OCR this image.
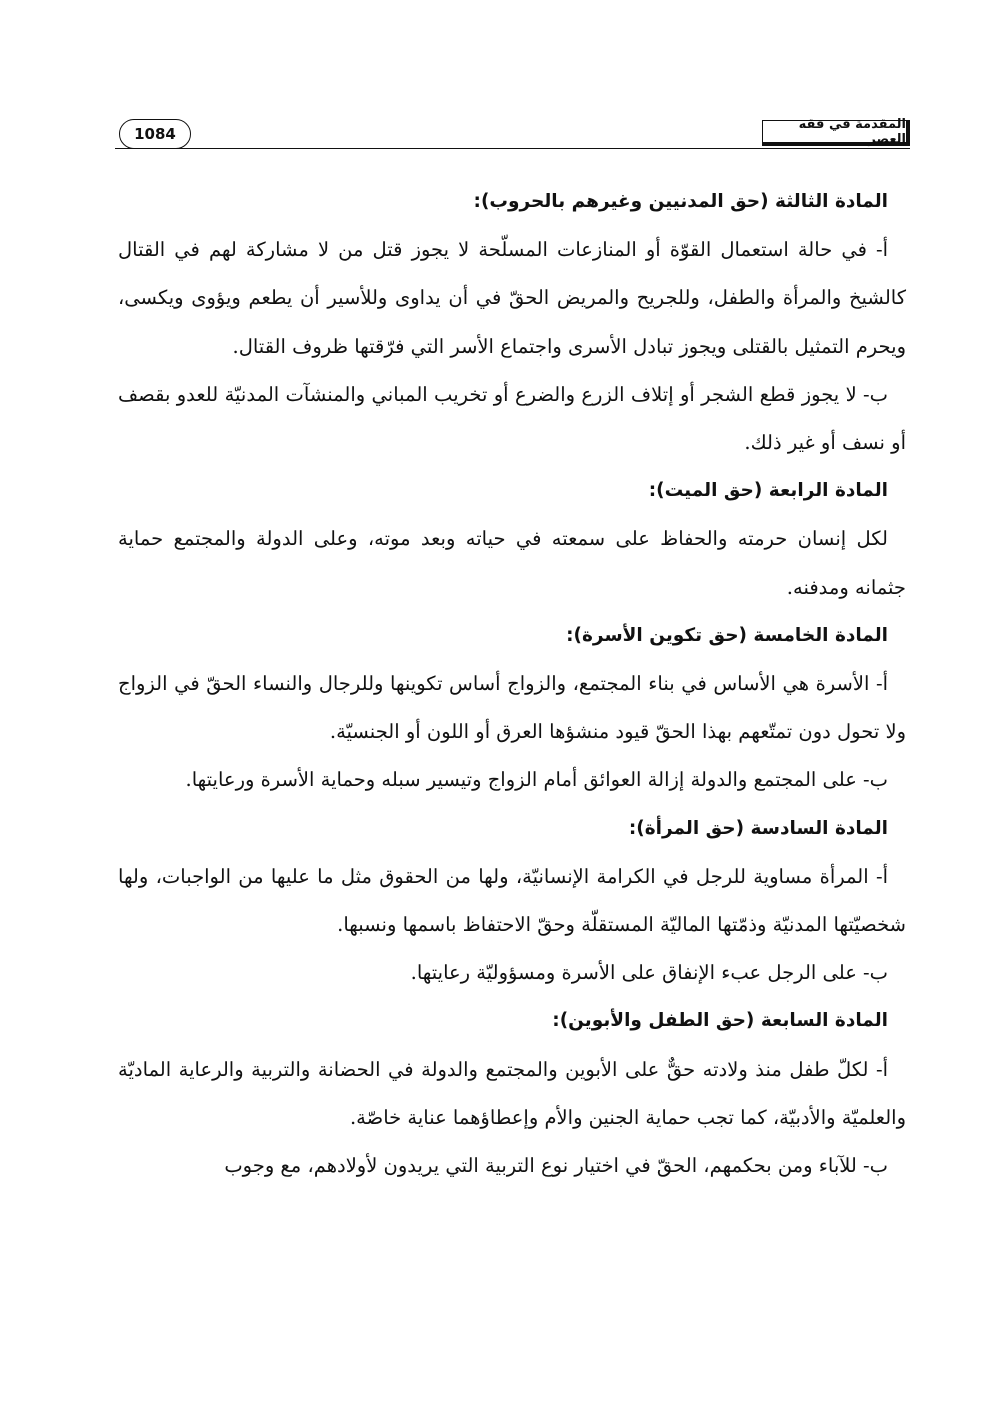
1084
المقدمة في فقه العصر
المادة الثالثة (حق المدنيين وغيرهم بالحروب):
أ- في حالة استعمال القوّة أو المنازعات المسلّحة لا يجوز قتل من لا مشاركة لهم في القتال كالشيخ والمرأة والطفل، وللجريح والمريض الحقّ في أن يداوى وللأسير أن يطعم ويؤوى ويكسى، ويحرم التمثيل بالقتلى ويجوز تبادل الأسرى واجتماع الأسر التي فرّقتها ظروف القتال.
ب- لا يجوز قطع الشجر أو إتلاف الزرع والضرع أو تخريب المباني والمنشآت المدنيّة للعدو بقصف أو نسف أو غير ذلك.
المادة الرابعة (حق الميت):
لكل إنسان حرمته والحفاظ على سمعته في حياته وبعد موته، وعلى الدولة والمجتمع حماية جثمانه ومدفنه.
المادة الخامسة (حق تكوين الأسرة):
أ- الأسرة هي الأساس في بناء المجتمع، والزواج أساس تكوينها وللرجال والنساء الحقّ في الزواج ولا تحول دون تمتّعهم بهذا الحقّ قيود منشؤها العرق أو اللون أو الجنسيّة.
ب- على المجتمع والدولة إزالة العوائق أمام الزواج وتيسير سبله وحماية الأسرة ورعايتها.
المادة السادسة (حق المرأة):
أ- المرأة مساوية للرجل في الكرامة الإنسانيّة، ولها من الحقوق مثل ما عليها من الواجبات، ولها شخصيّتها المدنيّة وذمّتها الماليّة المستقلّة وحقّ الاحتفاظ باسمها ونسبها.
ب- على الرجل عبء الإنفاق على الأسرة ومسؤوليّة رعايتها.
المادة السابعة (حق الطفل والأبوين):
أ- لكلّ طفل منذ ولادته حقٌّ على الأبوين والمجتمع والدولة في الحضانة والتربية والرعاية الماديّة والعلميّة والأدبيّة، كما تجب حماية الجنين والأم وإعطاؤهما عناية خاصّة.
ب- للآباء ومن بحكمهم، الحقّ في اختيار نوع التربية التي يريدون لأولادهم، مع وجوب
